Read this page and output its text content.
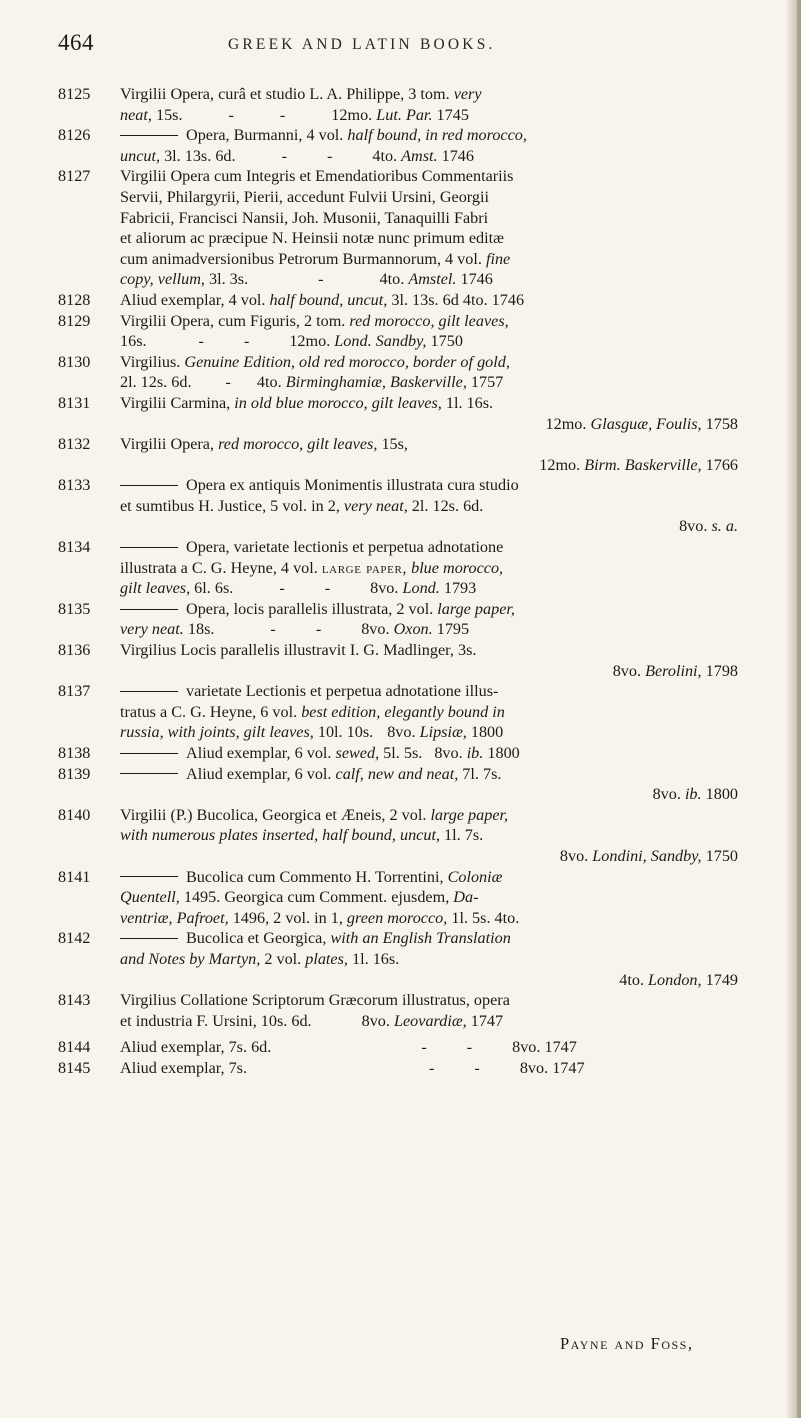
464	GREEK AND LATIN BOOKS.
8125	Virgilii Opera, curâ et studio L. A. Philippe, 3 tom. very
neat, 15s.	-	-	12mo. Lut. Par. 1745
8126	Opera, Burmanni, 4 vol. half bound, in red morocco,
uncut, 3l. 13s. 6d.	- - 4to. Amst. 1746
8127	Virgilii Opera cum Integris et Emendatioribus Commentariis
Servii, Philargyrii, Pierii, accedunt Fulvii Ursini, Georgii
Fabricii, Francisci Nansii, Joh. Musonii, Tanaquilli Fabri
et aliorum ac præcipue N. Heinsii notæ nunc primum editæ
cum animadversionibus Petrorum Burmannorum, 4 vol. fine
copy, vellum, 3l. 3s.	-	4to. Amstel. 1746
8128	Aliud exemplar, 4 vol. half bound, uncut, 3l. 13s. 6d 4to. 1746
8129	Virgilii Opera, cum Figuris, 2 tom. red morocco, gilt leaves,
16s.	- - 12mo. Lond. Sandby, 1750
8130	Virgilius. Genuine Edition, old red morocco, border of gold,
2l. 12s. 6d. - 4to. Birminghamiæ, Baskerville, 1757
8131	Virgilii Carmina, in old blue morocco, gilt leaves, 1l. 16s.
12mo. Glasguæ, Foulis, 1758
8132	Virgilii Opera, red morocco, gilt leaves, 15s,
12mo. Birm. Baskerville, 1766
8133	Opera ex antiquis Monimentis illustrata cura studio
et sumtibus H. Justice, 5 vol. in 2, very neat, 2l. 12s. 6d.
8vo. s. a.
8134	Opera, varietate lectionis et perpetua adnotatione
illustrata a C. G. Heyne, 4 vol. large paper, blue morocco,
gilt leaves, 6l. 6s.	- - 8vo. Lond. 1793
8135	Opera, locis parallelis illustrata, 2 vol. large paper,
very neat. 18s.	- - 8vo. Oxon. 1795
8136	Virgilius Locis parallelis illustravit I. G. Madlinger, 3s.
8vo. Berolini, 1798
8137	varietate Lectionis et perpetua adnotatione illus-
tratus a C. G. Heyne, 6 vol. best edition, elegantly bound in
russia, with joints, gilt leaves, 10l. 10s. 8vo. Lipsiæ, 1800
8138	Aliud exemplar, 6 vol. sewed, 5l. 5s. 8vo. ib. 1800
8139	Aliud exemplar, 6 vol. calf, new and neat, 7l. 7s.
8vo. ib. 1800
8140	Virgilii (P.) Bucolica, Georgica et Æneis, 2 vol. large paper,
with numerous plates inserted, half bound, uncut, 1l. 7s.
8vo. Londini, Sandby, 1750
8141	Bucolica cum Commento H. Torrentini, Coloniæ
Quentell, 1495. Georgica cum Comment. ejusdem, Da-
ventriæ, Pafroet, 1496, 2 vol. in 1, green morocco, 1l. 5s. 4to.
8142	Bucolica et Georgica, with an English Translation
and Notes by Martyn, 2 vol. plates, 1l. 16s.
4to. London, 1749
8143	Virgilius Collatione Scriptorum Græcorum illustratus, opera
et industria F. Ursini, 10s. 6d.	8vo. Leovardiæ, 1747
8144	Aliud exemplar, 7s. 6d.	- - 8vo. 1747
8145	Aliud exemplar, 7s.	- - 8vo. 1747
Payne and Foss,
